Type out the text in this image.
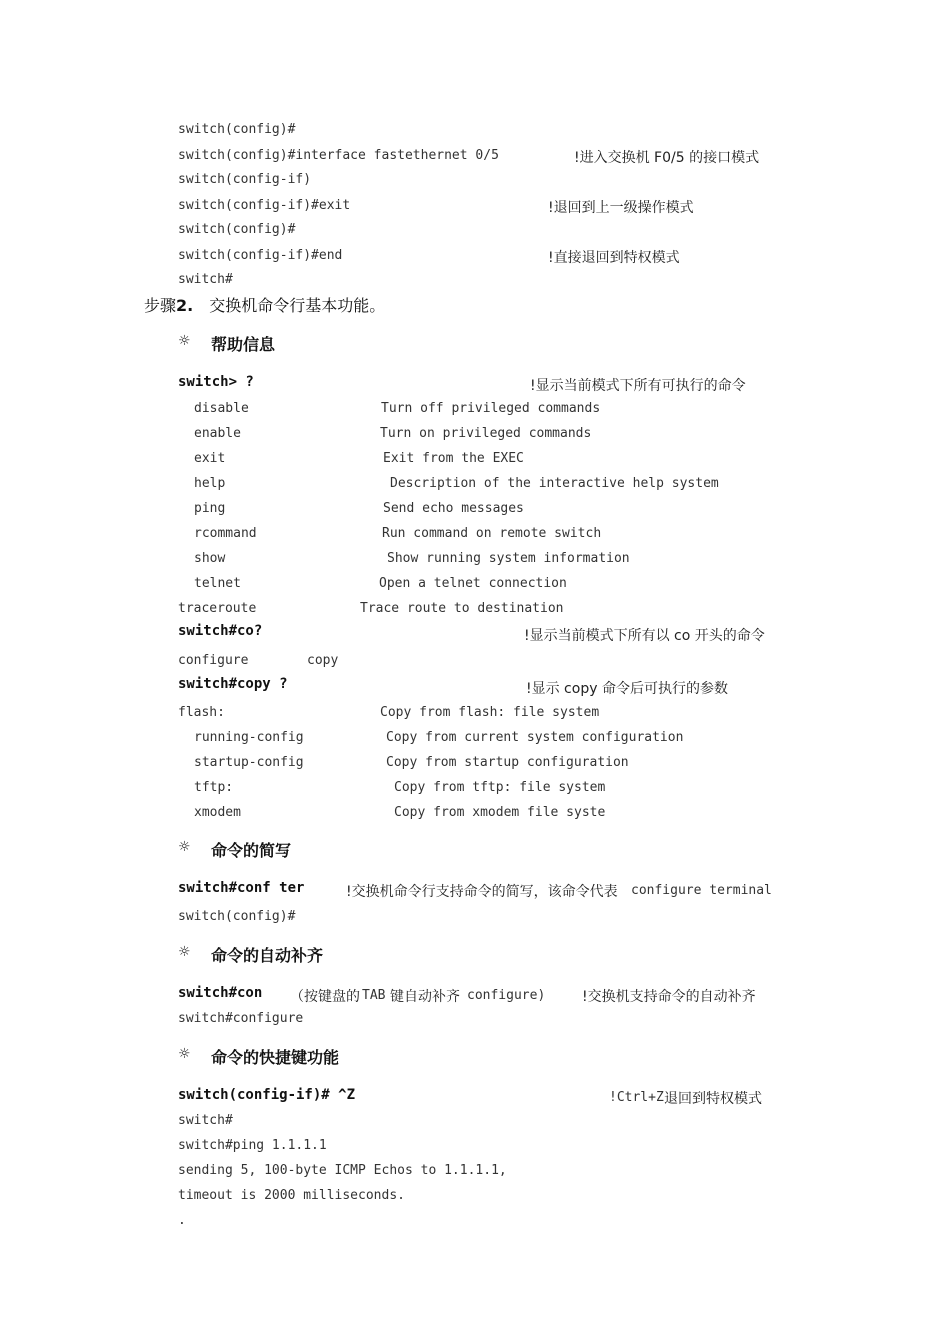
switch(config)#
switch(config)#interface fastethernet 0/5	!进入交换机 F0/5 的接口模式
switch(config-if)
switch(config-if)#exit	!退回到上一级操作模式
switch(config)#
switch(config-if)#end	!直接退回到特权模式
switch#
步骤2. 交换机命令行基本功能。
☼ 帮助信息
switch> ?	!显示当前模式下所有可执行的命令
disable	Turn off privileged commands
enable	Turn on privileged commands
exit	Exit from the EXEC
help	Description of the interactive help system
ping	Send echo messages
rcommand	Run command on remote switch
show	Show running system information
telnet	Open a telnet connection
traceroute	Trace route to destination
switch#co?	!显示当前模式下所有以 co 开头的命令
configure	copy
switch#copy ?	!显示 copy 命令后可执行的参数
flash:	Copy from flash: file system
running-config	Copy from current system configuration
startup-config	Copy from startup configuration
tftp:	Copy from tftp: file system
xmodem	Copy from xmodem file syste
☼ 命令的简写
switch#conf ter	!交换机命令行支持命令的简写，该命令代表 configure terminal
switch(config)#
☼ 命令的自动补齐
switch#con （按键盘的 TAB 键自动补齐 configure)	!交换机支持命令的自动补齐
switch#configure
☼ 命令的快捷键功能
switch(config-if)# ^Z	!Ctrl+Z 退回到特权模式
switch#
switch#ping 1.1.1.1
sending 5, 100-byte ICMP Echos to 1.1.1.1,
timeout is 2000 milliseconds.
.
